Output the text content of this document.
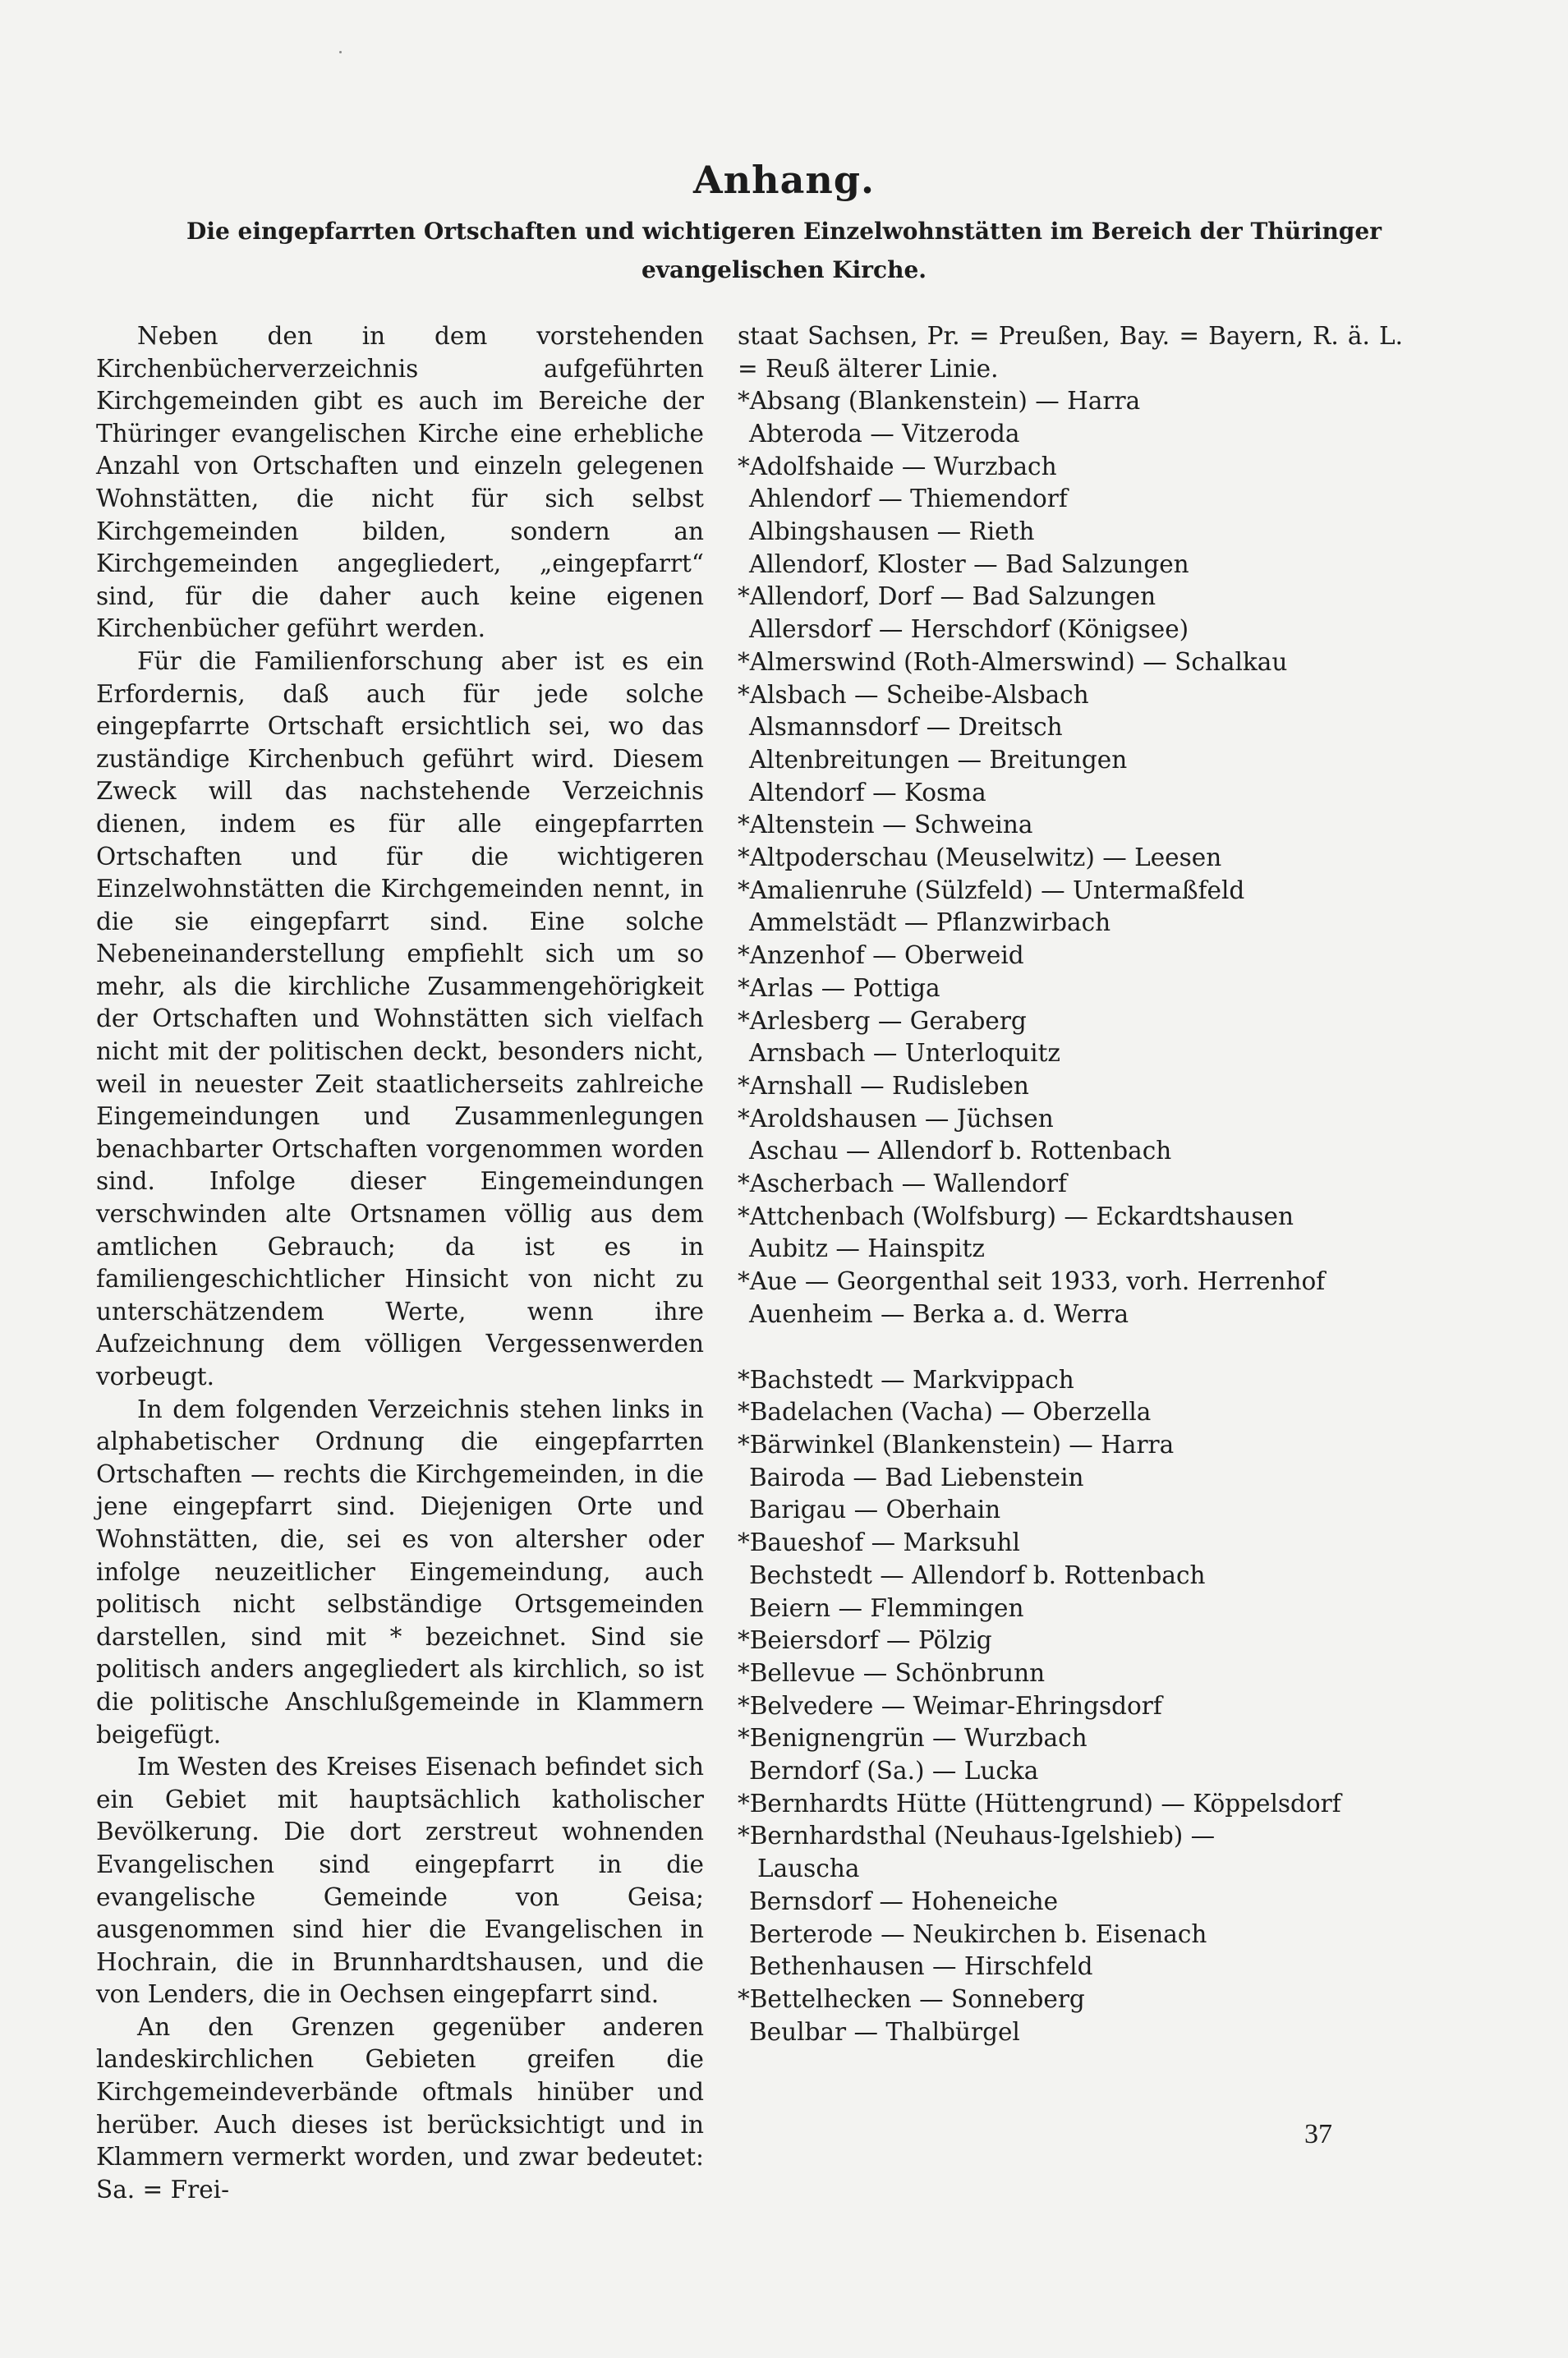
Anhang.
Die eingepfarrten Ortschaften und wichtigeren Einzelwohnstätten im Bereich der Thüringer evangelischen Kirche.

Neben den in dem vorstehenden Kirchenbücherverzeichnis aufgeführten Kirchgemeinden gibt es auch im Bereiche der Thüringer evangelischen Kirche eine erhebliche Anzahl von Ortschaften und einzeln gelegenen Wohnstätten, die nicht für sich selbst Kirchgemeinden bilden, sondern an Kirchgemeinden angegliedert, „eingepfarrt“ sind, für die daher auch keine eigenen Kirchenbücher geführt werden.

Für die Familienforschung aber ist es ein Erfordernis, daß auch für jede solche eingepfarrte Ortschaft ersichtlich sei, wo das zuständige Kirchenbuch geführt wird. Diesem Zweck will das nachstehende Verzeichnis dienen, indem es für alle eingepfarrten Ortschaften und für die wichtigeren Einzelwohnstätten die Kirchgemeinden nennt, in die sie eingepfarrt sind. Eine solche Nebeneinanderstellung empfiehlt sich um so mehr, als die kirchliche Zusammengehörigkeit der Ortschaften und Wohnstätten sich vielfach nicht mit der politischen deckt, besonders nicht, weil in neuester Zeit staatlicherseits zahlreiche Eingemeindungen und Zusammenlegungen benachbarter Ortschaften vorgenommen worden sind. Infolge dieser Eingemeindungen verschwinden alte Ortsnamen völlig aus dem amtlichen Gebrauch; da ist es in familiengeschichtlicher Hinsicht von nicht zu unterschätzendem Werte, wenn ihre Aufzeichnung dem völligen Vergessenwerden vorbeugt.

In dem folgenden Verzeichnis stehen links in alphabetischer Ordnung die eingepfarrten Ortschaften — rechts die Kirchgemeinden, in die jene eingepfarrt sind. Diejenigen Orte und Wohnstätten, die, sei es von altersher oder infolge neuzeitlicher Eingemeindung, auch politisch nicht selbständige Ortsgemeinden darstellen, sind mit * bezeichnet. Sind sie politisch anders angegliedert als kirchlich, so ist die politische Anschlußgemeinde in Klammern beigefügt.

Im Westen des Kreises Eisenach befindet sich ein Gebiet mit hauptsächlich katholischer Bevölkerung. Die dort zerstreut wohnenden Evangelischen sind eingepfarrt in die evangelische Gemeinde von Geisa; ausgenommen sind hier die Evangelischen in Hochrain, die in Brunnhardtshausen, und die von Lenders, die in Oechsen eingepfarrt sind.

An den Grenzen gegenüber anderen landeskirchlichen Gebieten greifen die Kirchgemeindeverbände oftmals hinüber und herüber. Auch dieses ist berücksichtigt und in Klammern vermerkt worden, und zwar bedeutet: Sa. = Frei-

staat Sachsen, Pr. = Preußen, Bay. = Bayern, R. ä. L. = Reuß älterer Linie.

*Absang (Blankenstein) — Harra
Abteroda — Vitzeroda
*Adolfshaide — Wurzbach
Ahlendorf — Thiemendorf
Albingshausen — Rieth
Allendorf, Kloster — Bad Salzungen
*Allendorf, Dorf — Bad Salzungen
Allersdorf — Herschdorf (Königsee)
*Almerswind (Roth-Almerswind) — Schalkau
*Alsbach — Scheibe-Alsbach
Alsmannsdorf — Dreitsch
Altenbreitungen — Breitungen
Altendorf — Kosma
*Altenstein — Schweina
*Altpoderschau (Meuselwitz) — Leesen
*Amalienruhe (Sülzfeld) — Untermaßfeld
Ammelstädt — Pflanzwirbach
*Anzenhof — Oberweid
*Arlas — Pottiga
*Arlesberg — Geraberg
Arnsbach — Unterloquitz
*Arnshall — Rudisleben
*Aroldshausen — Jüchsen
Aschau — Allendorf b. Rottenbach
*Ascherbach — Wallendorf
*Attchenbach (Wolfsburg) — Eckardtshausen
Aubitz — Hainspitz
*Aue — Georgenthal seit 1933, vorh. Herrenhof
Auenheim — Berka a. d. Werra
*Bachstedt — Markvippach
*Badelachen (Vacha) — Oberzella
*Bärwinkel (Blankenstein) — Harra
Bairoda — Bad Liebenstein
Barigau — Oberhain
*Baueshof — Marksuhl
Bechstedt — Allendorf b. Rottenbach
Beiern — Flemmingen
*Beiersdorf — Pölzig
*Bellevue — Schönbrunn
*Belvedere — Weimar-Ehringsdorf
*Benignengrün — Wurzbach
Berndorf (Sa.) — Lucka
*Bernhardts Hütte (Hüttengrund) — Köppelsdorf
*Bernhardsthal (Neuhaus-Igelshieb) —
Lauscha
Bernsdorf — Hoheneiche
Berterode — Neukirchen b. Eisenach
Bethenhausen — Hirschfeld
*Bettelhecken — Sonneberg
Beulbar — Thalbürgel
37
